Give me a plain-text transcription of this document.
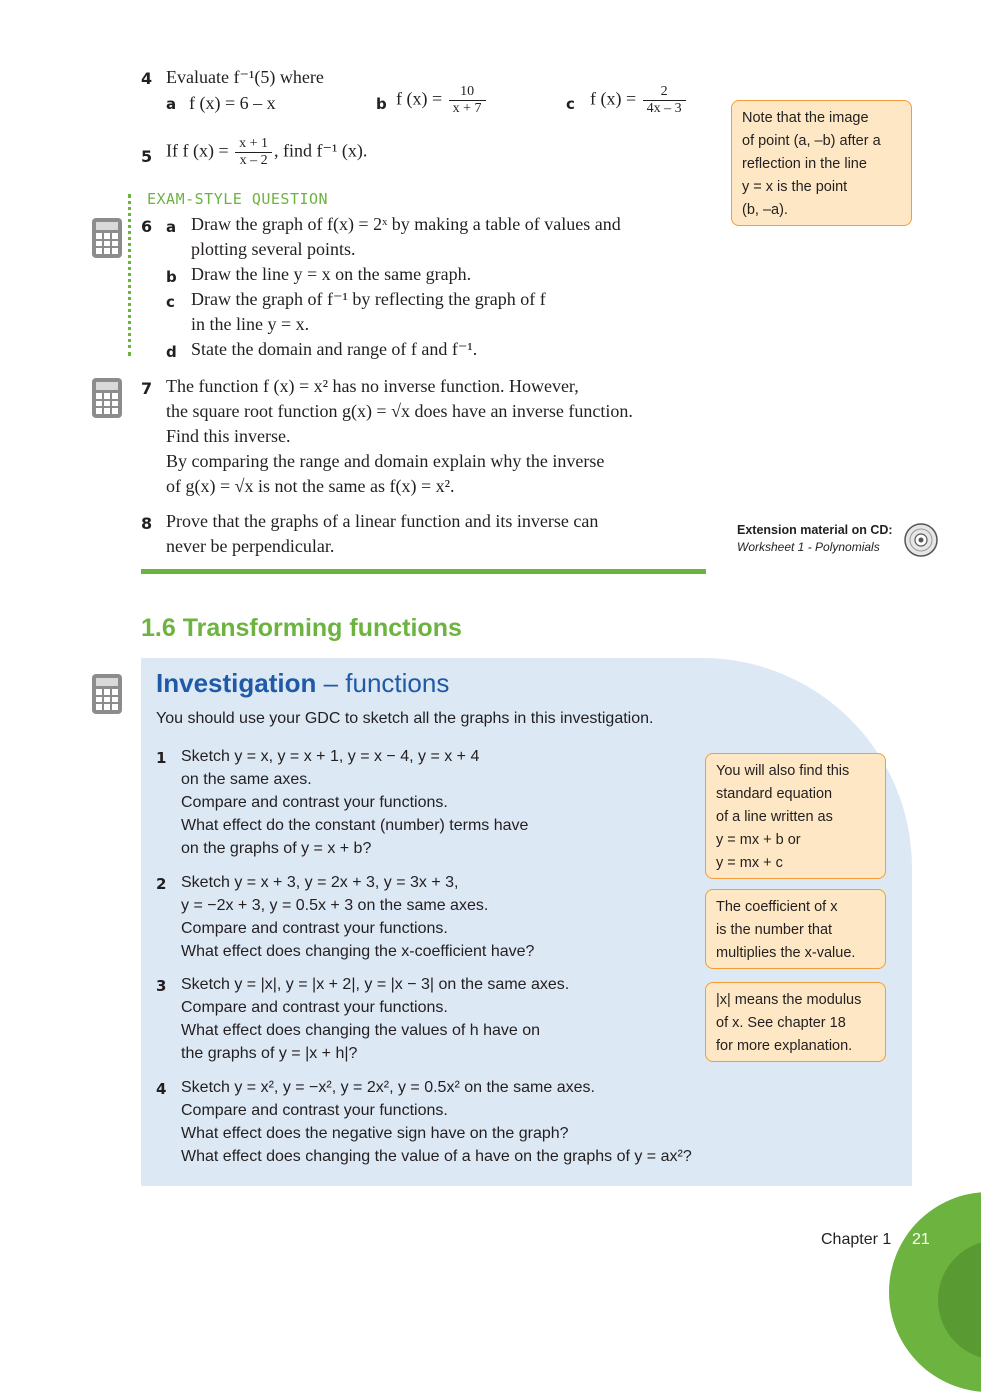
4 Evaluate f⁻¹(5) where
a f (x) = 6 – x	b f $(x) = \frac{10}{x + 7}$	c f $(x) = \frac{2}{4x - 3}$
5 If f $(x) = \frac{x + 1}{x - 2}$ , find f⁻¹ (x).
Note that the image
of point (a, –b) after a
reflection in the line
y = x is the point
(b, –a).
EXAM-STYLE QUESTION
6 a Draw the graph of f(x) = 2ˣ by making a table of values and
plotting several points.
b Draw the line y = x on the same graph.
c Draw the graph of f⁻¹ by reflecting the graph of f
in the line y = x.
d State the domain and range of f and f⁻¹.
7 The function f (x) = x² has no inverse function. However,
the square root function g(x) = √x does have an inverse function.
Find this inverse.
By comparing the range and domain explain why the inverse
of g(x) = √x is not the same as f(x) = x².
8 Prove that the graphs of a linear function and its inverse can
never be perpendicular.
Extension material on CD:
Worksheet 1 - Polynomials
1.6 Transforming functions
Investigation – functions
You should use your GDC to sketch all the graphs in this investigation.
1 Sketch y = x, y = x + 1, y = x − 4, y = x + 4
on the same axes.
Compare and contrast your functions.
What effect do the constant (number) terms have
on the graphs of y = x + b?
2 Sketch y = x + 3, y = 2x + 3, y = 3x + 3,
y = −2x + 3, y = 0.5x + 3 on the same axes.
Compare and contrast your functions.
What effect does changing the x-coefficient have?
3 Sketch y = |x|, y = |x + 2|, y = |x − 3| on the same axes.
Compare and contrast your functions.
What effect does changing the values of h have on
the graphs of y = |x + h|?
4 Sketch y = x², y = −x², y = 2x², y = 0.5x² on the same axes.
Compare and contrast your functions.
What effect does the negative sign have on the graph?
What effect does changing the value of a have on the graphs of y = ax²?
You will also find this
standard equation
of a line written as
y = mx + b or
y = mx + c
The coefficient of x
is the number that
multiplies the x-value.
|x| means the modulus
of x. See chapter 18
for more explanation.
Chapter 1 21
